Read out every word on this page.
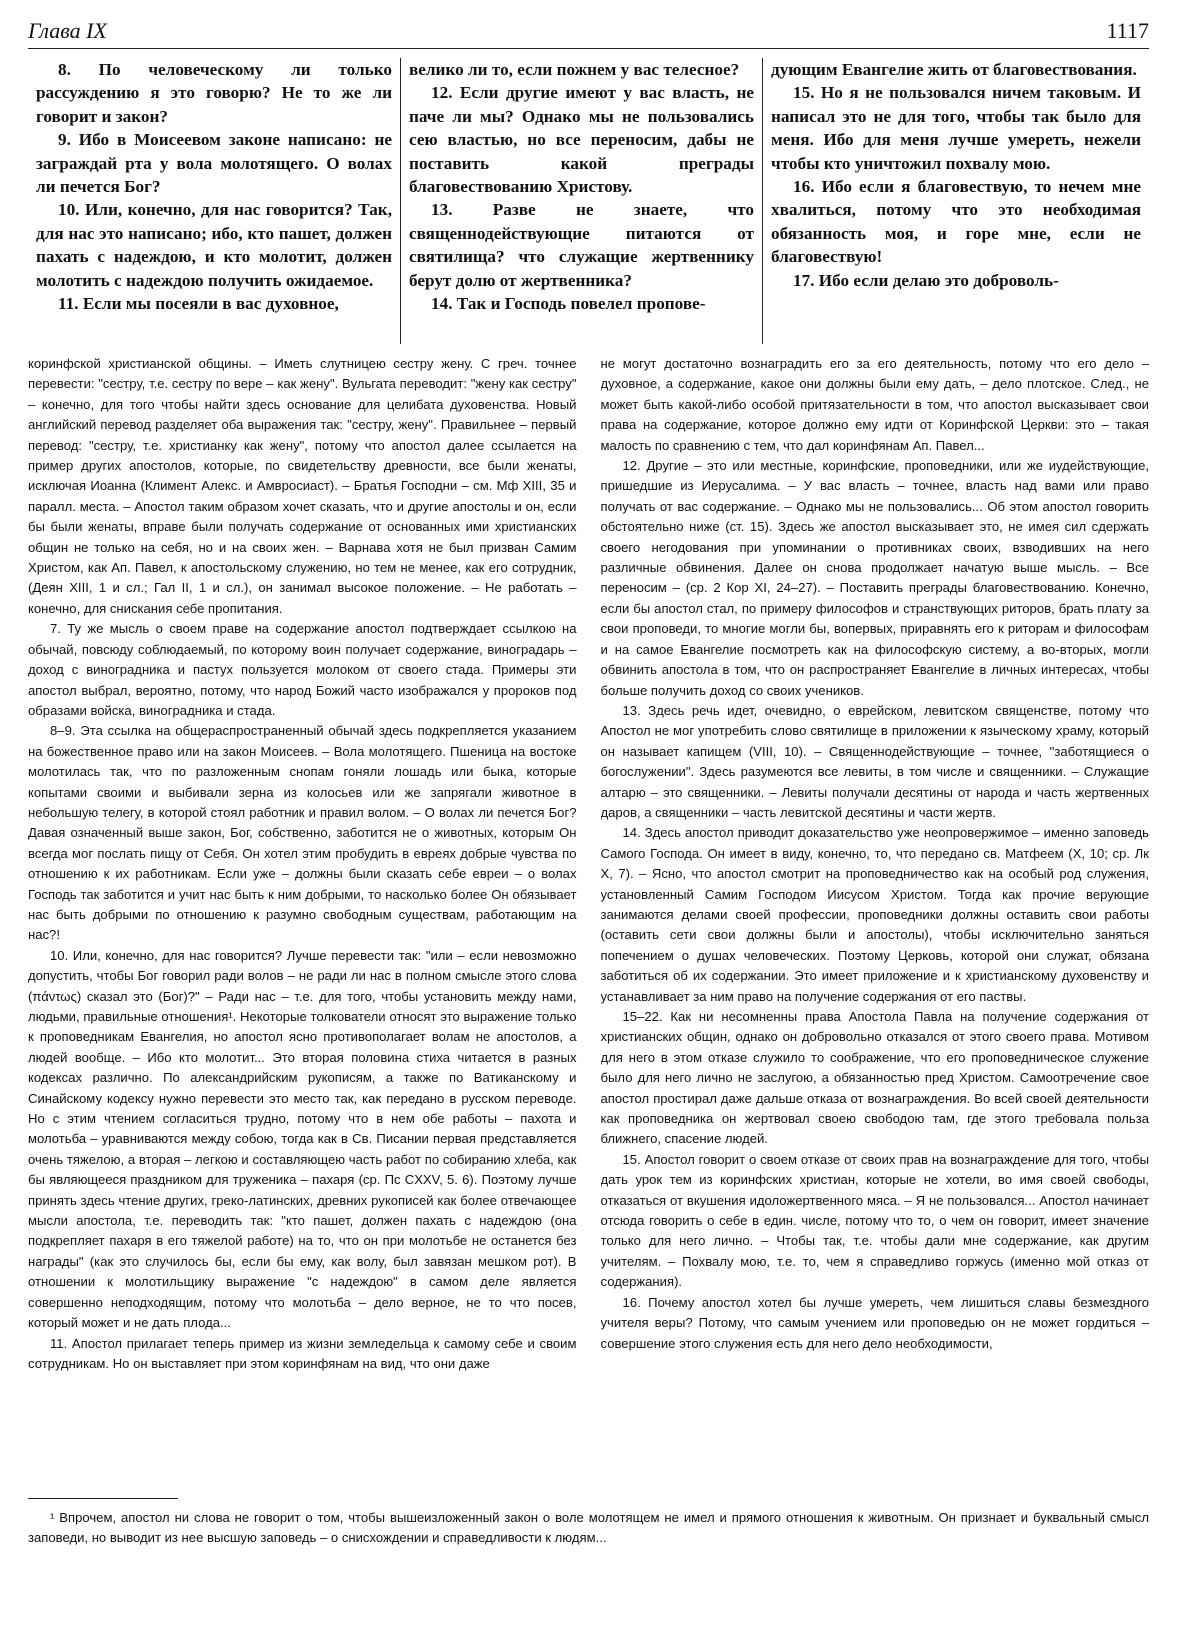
Глава IX	1117

8. По человеческому ли только рассуждению я это говорю? Не то же ли говорит и закон?

9. Ибо в Моисеевом законе написано: не заграждай рта у вола молотящего. О волах ли печется Бог?

10. Или, конечно, для нас говорится? Так, для нас это написано; ибо, кто пашет, должен пахать с надеждою, и кто молотит, должен молотить с надеждою получить ожидаемое.

11. Если мы посеяли в вас духовное,

велико ли то, если пожнем у вас телесное?

12. Если другие имеют у вас власть, не паче ли мы? Однако мы не пользовались сею властью, но все переносим, дабы не поставить какой преграды благовествованию Христову.

13. Разве не знаете, что священнодействующие питаются от святилища? что служащие жертвеннику берут долю от жертвенника?

14. Так и Господь повелел пропове-

дующим Евангелие жить от благовествования.

15. Но я не пользовался ничем таковым. И написал это не для того, чтобы так было для меня. Ибо для меня лучше умереть, нежели чтобы кто уничтожил похвалу мою.

16. Ибо если я благовествую, то нечем мне хвалиться, потому что это необходимая обязанность моя, и горе мне, если не благовествую!

17. Ибо если делаю это доброволь-

коринфской христианской общины. – Иметь слутницею сестру жену. С греч. точнее перевести: "сестру, т.е. сестру по вере – как жену". Вульгата переводит: "жену как сестру" – конечно, для того чтобы найти здесь основание для целибата духовенства. Новый английский перевод разделяет оба выражения так: "сестру, жену". Правильнее – первый перевод: "сестру, т.е. христианку как жену", потому что апостол далее ссылается на пример других апостолов, которые, по свидетельству древности, все были женаты, исключая Иоанна (Климент Алекс. и Амвросиаст). – Братья Господни – см. Мф XIII, 35 и паралл. места. – Апостол таким образом хочет сказать, что и другие апостолы и он, если бы были женаты, вправе были получать содержание от основанных ими христианских общин не только на себя, но и на своих жен. – Варнава хотя не был призван Самим Христом, как Ап. Павел, к апостольскому служению, но тем не менее, как его сотрудник, (Деян XIII, 1 и сл.; Гал II, 1 и сл.), он занимал высокое положение. – Не работать – конечно, для снискания себе пропитания.

7. Ту же мысль о своем праве на содержание апостол подтверждает ссылкою на обычай, повсюду соблюдаемый, по которому воин получает содержание, виноградарь – доход с виноградника и пастух пользуется молоком от своего стада. Примеры эти апостол выбрал, вероятно, потому, что народ Божий часто изображался у пророков под образами войска, виноградника и стада.

8–9. Эта ссылка на общераспространенный обычай здесь подкрепляется указанием на божественное право или на закон Моисеев. – Вола молотящего. Пшеница на востоке молотилась так, что по разложенным снопам гоняли лошадь или быка, которые копытами своими и выбивали зерна из колосьев или же запрягали животное в небольшую телегу, в которой стоял работник и правил волом. – О волах ли печется Бог? Давая означенный выше закон, Бог, собственно, заботится не о животных, которым Он всегда мог послать пищу от Себя. Он хотел этим пробудить в евреях добрые чувства по отношению к их работникам. Если уже – должны были сказать себе евреи – о волах Господь так заботится и учит нас быть к ним добрыми, то насколько более Он обязывает нас быть добрыми по отношению к разумно свободным существам, работающим на нас?!

10. Или, конечно, для нас говорится? Лучше перевести так: "или – если невозможно допустить, чтобы Бог говорил ради волов – не ради ли нас в полном смысле этого слова (πάντως) сказал это (Бог)?" – Ради нас – т.е. для того, чтобы установить между нами, людьми, правильные отношения¹. Некоторые толкователи относят это выражение только к проповедникам Евангелия, но апостол ясно противополагает волам не апостолов, а людей вообще. – Ибо кто молотит... Это вторая половина стиха читается в разных кодексах различно. По александрийским рукописям, а также по Ватиканскому и Синайскому кодексу нужно перевести это место так, как передано в русском переводе. Но с этим чтением согласиться трудно, потому что в нем обе работы – пахота и молотьба – уравниваются между собою, тогда как в Св. Писании первая представляется очень тяжелою, а вторая – легкою и составляющею часть работ по собиранию хлеба, как бы являющееся праздником для труженика – пахаря (ср. Пс CXXV, 5. 6). Поэтому лучше принять здесь чтение других, греко-латинских, древних рукописей как более отвечающее мысли апостола, т.е. переводить так: "кто пашет, должен пахать с надеждою (она подкрепляет пахаря в его тяжелой работе) на то, что он при молотьбе не останется без награды" (как это случилось бы, если бы ему, как волу, был завязан мешком рот). В отношении к молотильщику выражение "с надеждою" в самом деле является совершенно неподходящим, потому что молотьба – дело верное, не то что посев, который может и не дать плода...

11. Апостол прилагает теперь пример из жизни земледельца к самому себе и своим сотрудникам. Но он выставляет при этом коринфянам на вид, что они даже

не могут достаточно вознаградить его за его деятельность, потому что его дело – духовное, а содержание, какое они должны были ему дать, – дело плотское. След., не может быть какой-либо особой притязательности в том, что апостол высказывает свои права на содержание, которое должно ему идти от Коринфской Церкви: это – такая малость по сравнению с тем, что дал коринфянам Ап. Павел...

12. Другие – это или местные, коринфские, проповедники, или же иудействующие, пришедшие из Иерусалима. – У вас власть – точнее, власть над вами или право получать от вас содержание. – Однако мы не пользовались... Об этом апостол говорить обстоятельно ниже (ст. 15). Здесь же апостол высказывает это, не имея сил сдержать своего негодования при упоминании о противниках своих, взводивших на него различные обвинения. Далее он снова продолжает начатую выше мысль. – Все переносим – (ср. 2 Кор XI, 24–27). – Поставить преграды благовествованию. Конечно, если бы апостол стал, по примеру философов и странствующих риторов, брать плату за свои проповеди, то многие могли бы, вопервых, приравнять его к риторам и философам и на самое Евангелие посмотреть как на философскую систему, а во-вторых, могли обвинить апостола в том, что он распространяет Евангелие в личных интересах, чтобы больше получить доход со своих учеников.

13. Здесь речь идет, очевидно, о еврейском, левитском священстве, потому что Апостол не мог употребить слово святилище в приложении к языческому храму, который он называет капищем (VIII, 10). – Священнодействующие – точнее, "заботящиеся о богослужении". Здесь разумеются все левиты, в том числе и священники. – Служащие алтарю – это священники. – Левиты получали десятины от народа и часть жертвенных даров, а священники – часть левитской десятины и части жертв.

14. Здесь апостол приводит доказательство уже неопровержимое – именно заповедь Самого Господа. Он имеет в виду, конечно, то, что передано св. Матфеем (X, 10; ср. Лк X, 7). – Ясно, что апостол смотрит на проповедничество как на особый род служения, установленный Самим Господом Иисусом Христом. Тогда как прочие верующие занимаются делами своей профессии, проповедники должны оставить свои работы (оставить сети свои должны были и апостолы), чтобы исключительно заняться попечением о душах человеческих. Поэтому Церковь, которой они служат, обязана заботиться об их содержании. Это имеет приложение и к христианскому духовенству и устанавливает за ним право на получение содержания от его паствы.

15–22. Как ни несомненны права Апостола Павла на получение содержания от христианских общин, однако он добровольно отказался от этого своего права. Мотивом для него в этом отказе служило то соображение, что его проповедническое служение было для него лично не заслугою, а обязанностью пред Христом. Самоотречение свое апостол простирал даже дальше отказа от вознаграждения. Во всей своей деятельности как проповедника он жертвовал своею свободою там, где этого требовала польза ближнего, спасение людей.

15. Апостол говорит о своем отказе от своих прав на вознаграждение для того, чтобы дать урок тем из коринфских христиан, которые не хотели, во имя своей свободы, отказаться от вкушения идоложертвенного мяса. – Я не пользовался... Апостол начинает отсюда говорить о себе в един. числе, потому что то, о чем он говорит, имеет значение только для него лично. – Чтобы так, т.е. чтобы дали мне содержание, как другим учителям. – Похвалу мою, т.е. то, чем я справедливо горжусь (именно мой отказ от содержания).

16. Почему апостол хотел бы лучше умереть, чем лишиться славы безмездного учителя веры? Потому, что самым учением или проповедью он не может гордиться – совершение этого служения есть для него дело необходимости,

¹ Впрочем, апостол ни слова не говорит о том, чтобы вышеизложенный закон о воле молотящем не имел и прямого отношения к животным. Он признает и буквальный смысл заповеди, но выводит из нее высшую заповедь – о снисхождении и справедливости к людям...
